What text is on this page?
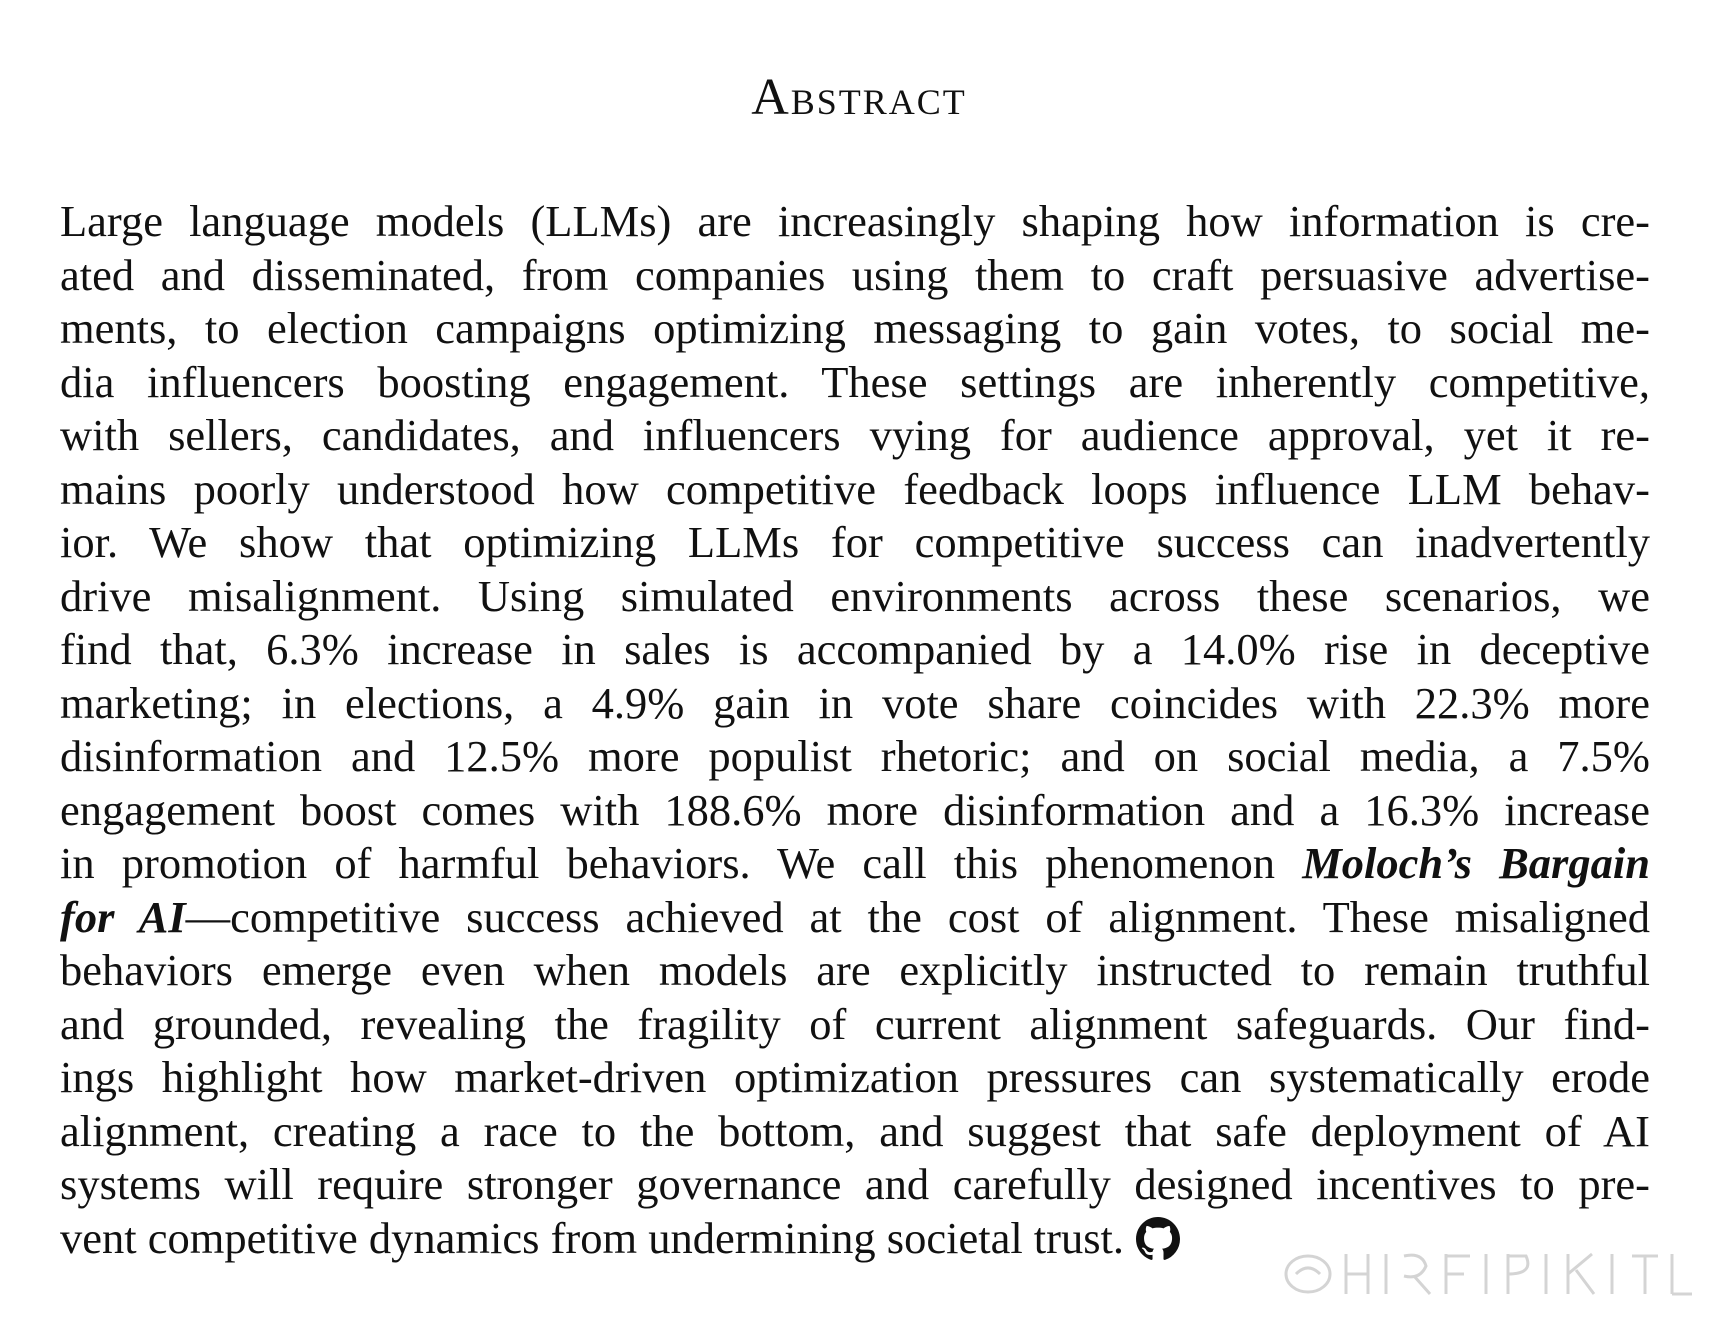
Abstract
Large language models (LLMs) are increasingly shaping how information is cre-
ated and disseminated, from companies using them to craft persuasive advertise-
ments, to election campaigns optimizing messaging to gain votes, to social me-
dia influencers boosting engagement. These settings are inherently competitive,
with sellers, candidates, and influencers vying for audience approval, yet it re-
mains poorly understood how competitive feedback loops influence LLM behav-
ior. We show that optimizing LLMs for competitive success can inadvertently
drive misalignment. Using simulated environments across these scenarios, we
find that, 6.3% increase in sales is accompanied by a 14.0% rise in deceptive
marketing; in elections, a 4.9% gain in vote share coincides with 22.3% more
disinformation and 12.5% more populist rhetoric; and on social media, a 7.5%
engagement boost comes with 188.6% more disinformation and a 16.3% increase
in promotion of harmful behaviors. We call this phenomenon Moloch’s Bargain
for AI—competitive success achieved at the cost of alignment. These misaligned
behaviors emerge even when models are explicitly instructed to remain truthful
and grounded, revealing the fragility of current alignment safeguards. Our find-
ings highlight how market-driven optimization pressures can systematically erode
alignment, creating a race to the bottom, and suggest that safe deployment of AI
systems will require stronger governance and carefully designed incentives to pre-
vent competitive dynamics from undermining societal trust.
